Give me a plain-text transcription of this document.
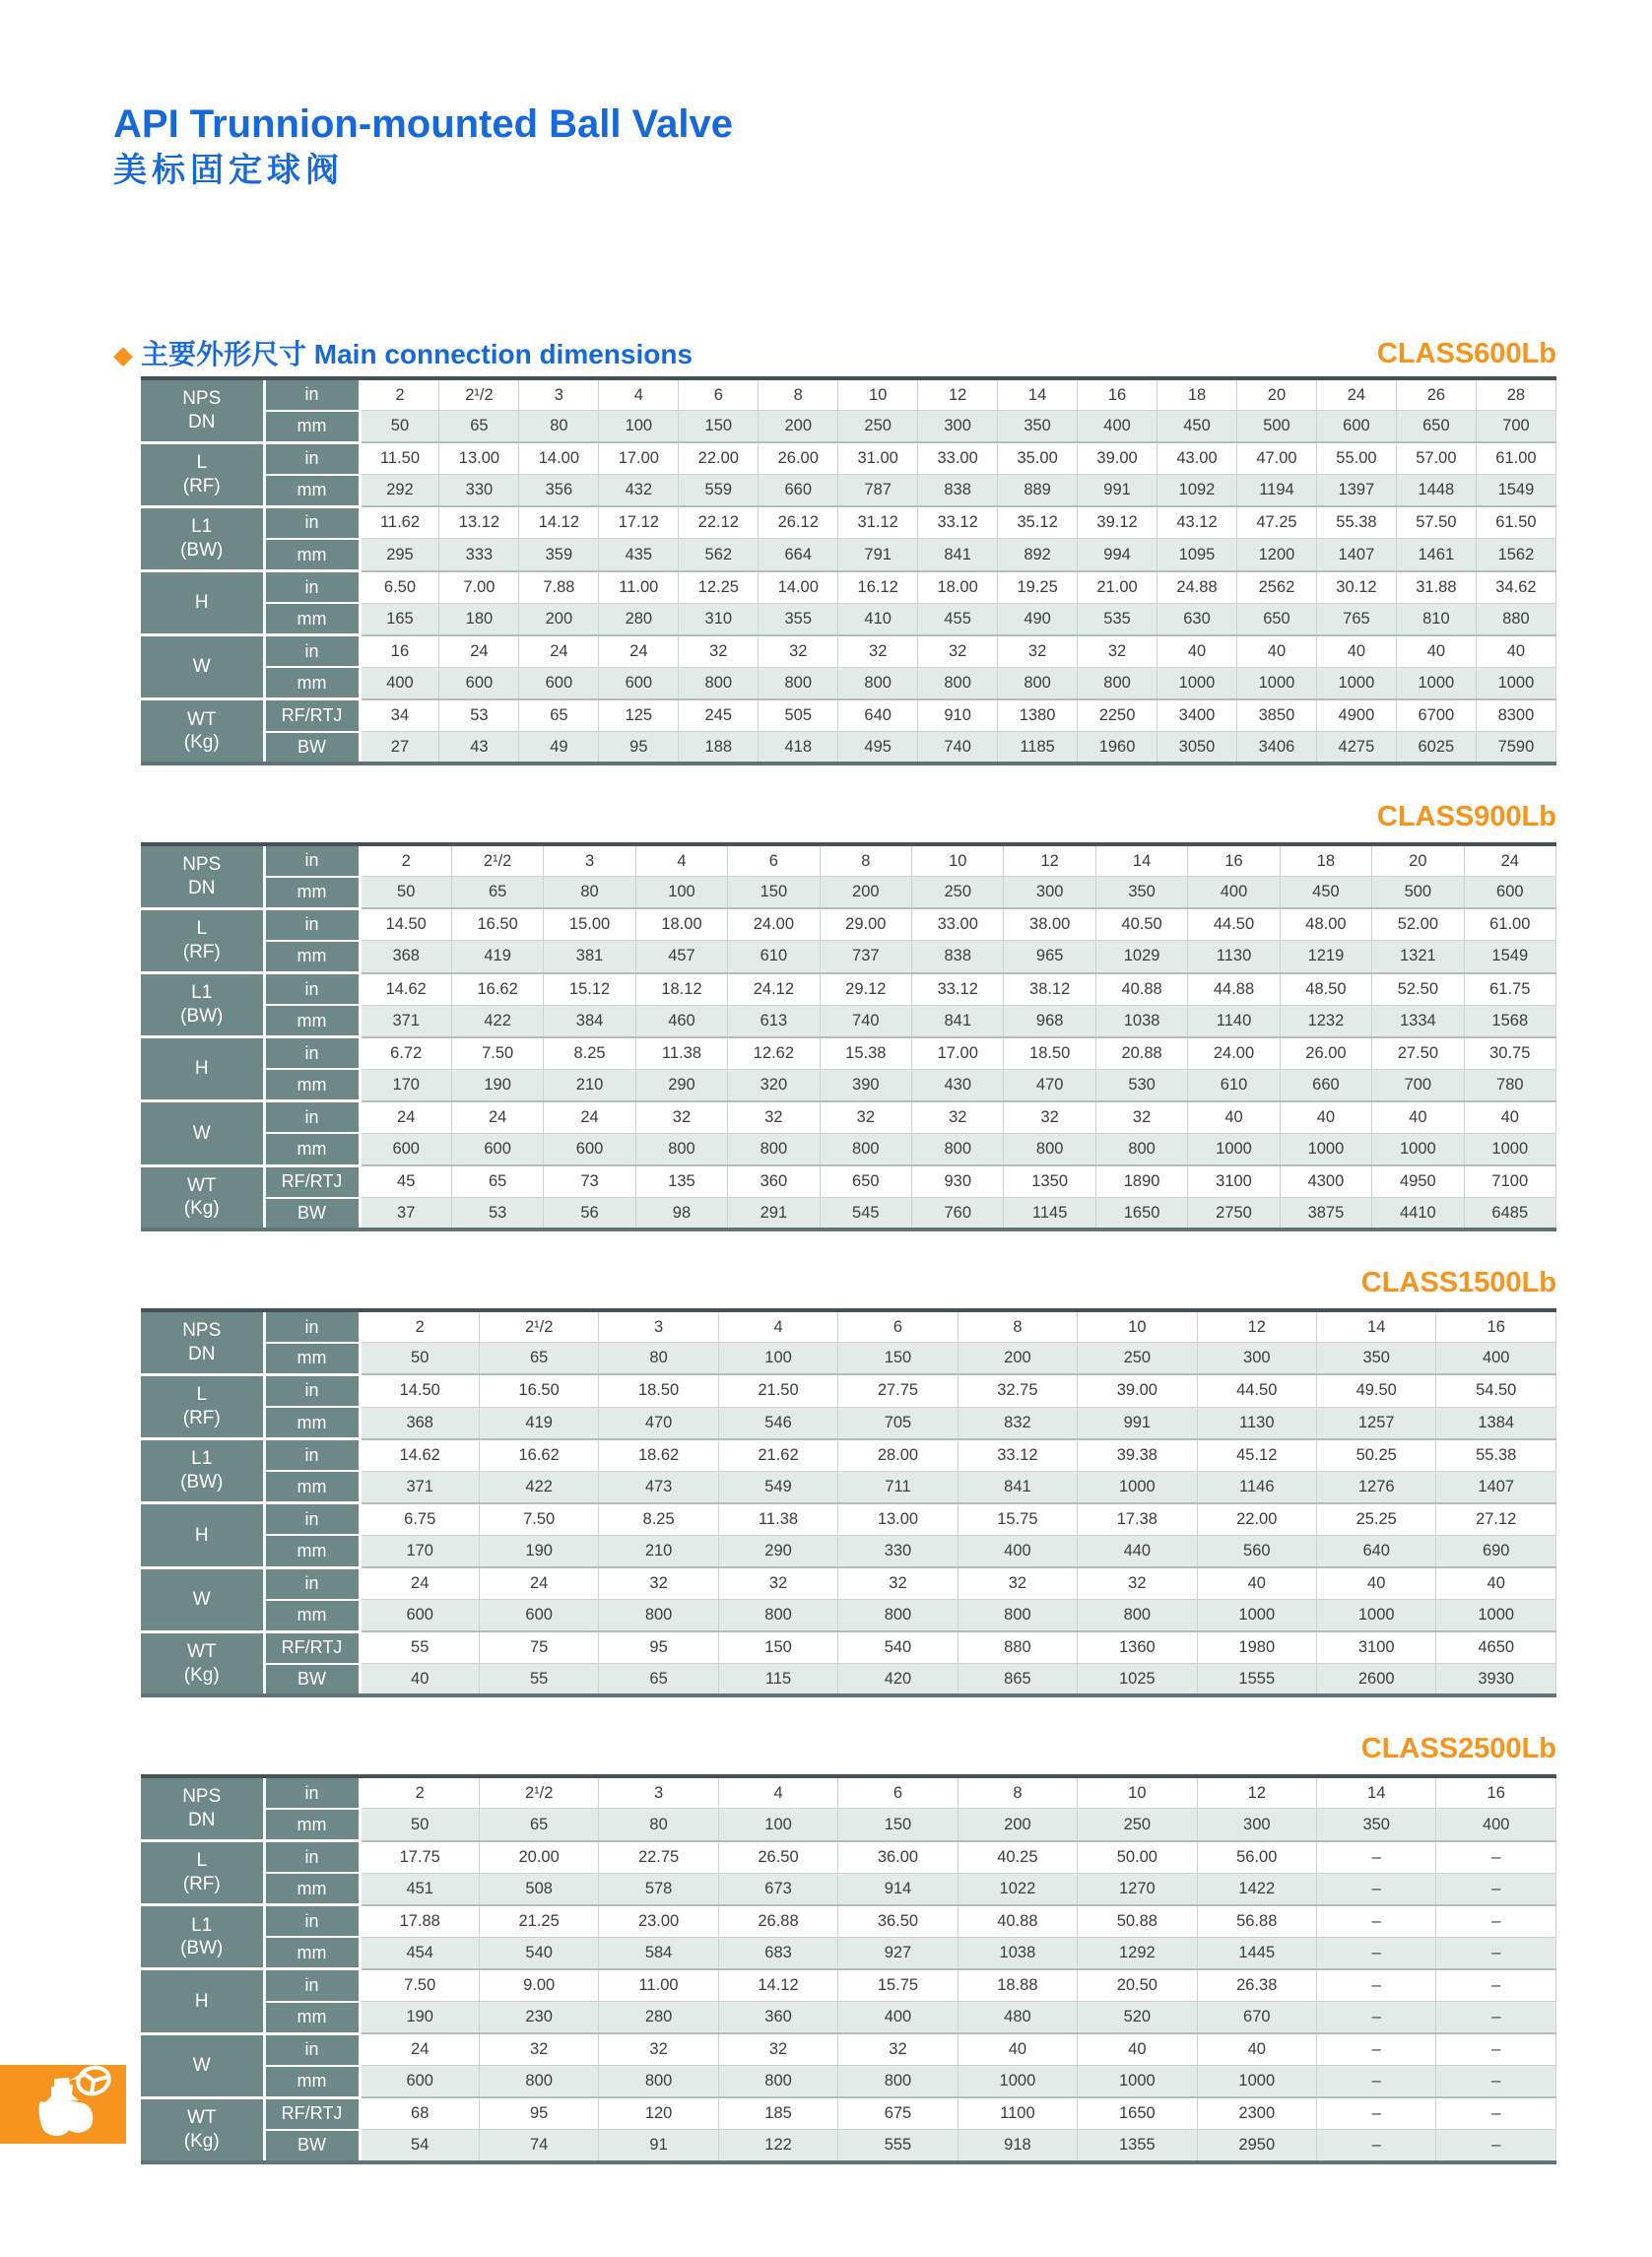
API Trunnion-mounted Ball Valve
美标固定球阀
◆ 主要外形尺寸 Main connection dimensions	CLASS600Lb
NPS
DN	in	2	2¹/2	3	4	6	8	10	12	14	16	18	20	24	26	28
	mm	50	65	80	100	150	200	250	300	350	400	450	500	600	650	700

L
(RF)	in	11.50	13.00	14.00	17.00	22.00	26.00	31.00	33.00	35.00	39.00	43.00	47.00	55.00	57.00	61.00
	mm	292	330	356	432	559	660	787	838	889	991	1092	1194	1397	1448	1549

L1
(BW)	in	11.62	13.12	14.12	17.12	22.12	26.12	31.12	33.12	35.12	39.12	43.12	47.25	55.38	57.50	61.50
	mm	295	333	359	435	562	664	791	841	892	994	1095	1200	1407	1461	1562

H	in	6.50	7.00	7.88	11.00	12.25	14.00	16.12	18.00	19.25	21.00	24.88	2562	30.12	31.88	34.62
	mm	165	180	200	280	310	355	410	455	490	535	630	650	765	810	880

W	in	16	24	24	24	32	32	32	32	32	32	40	40	40	40	40
	mm	400	600	600	600	800	800	800	800	800	800	1000	1000	1000	1000	1000

WT
(Kg)	RF/RTJ	34	53	65	125	245	505	640	910	1380	2250	3400	3850	4900	6700	8300
	BW	27	43	49	95	188	418	495	740	1185	1960	3050	3406	4275	6025	7590
CLASS900Lb
NPS
DN	in	2	2¹/2	3	4	6	8	10	12	14	16	18	20	24
	mm	50	65	80	100	150	200	250	300	350	400	450	500	600

L
(RF)	in	14.50	16.50	15.00	18.00	24.00	29.00	33.00	38.00	40.50	44.50	48.00	52.00	61.00
	mm	368	419	381	457	610	737	838	965	1029	1130	1219	1321	1549

L1
(BW)	in	14.62	16.62	15.12	18.12	24.12	29.12	33.12	38.12	40.88	44.88	48.50	52.50	61.75
	mm	371	422	384	460	613	740	841	968	1038	1140	1232	1334	1568

H	in	6.72	7.50	8.25	11.38	12.62	15.38	17.00	18.50	20.88	24.00	26.00	27.50	30.75
	mm	170	190	210	290	320	390	430	470	530	610	660	700	780

W	in	24	24	24	32	32	32	32	32	32	40	40	40	40
	mm	600	600	600	800	800	800	800	800	800	1000	1000	1000	1000

WT
(Kg)	RF/RTJ	45	65	73	135	360	650	930	1350	1890	3100	4300	4950	7100
	BW	37	53	56	98	291	545	760	1145	1650	2750	3875	4410	6485
CLASS1500Lb
NPS
DN	in	2	2¹/2	3	4	6	8	10	12	14	16
	mm	50	65	80	100	150	200	250	300	350	400

L
(RF)	in	14.50	16.50	18.50	21.50	27.75	32.75	39.00	44.50	49.50	54.50
	mm	368	419	470	546	705	832	991	1130	1257	1384

L1
(BW)	in	14.62	16.62	18.62	21.62	28.00	33.12	39.38	45.12	50.25	55.38
	mm	371	422	473	549	711	841	1000	1146	1276	1407

H	in	6.75	7.50	8.25	11.38	13.00	15.75	17.38	22.00	25.25	27.12
	mm	170	190	210	290	330	400	440	560	640	690

W	in	24	24	32	32	32	32	32	40	40	40
	mm	600	600	800	800	800	800	800	1000	1000	1000

WT
(Kg)	RF/RTJ	55	75	95	150	540	880	1360	1980	3100	4650
	BW	40	55	65	115	420	865	1025	1555	2600	3930
CLASS2500Lb
NPS
DN	in	2	2¹/2	3	4	6	8	10	12	14	16
	mm	50	65	80	100	150	200	250	300	350	400

L
(RF)	in	17.75	20.00	22.75	26.50	36.00	40.25	50.00	56.00	–	–
	mm	451	508	578	673	914	1022	1270	1422	–	–

L1
(BW)	in	17.88	21.25	23.00	26.88	36.50	40.88	50.88	56.88	–	–
	mm	454	540	584	683	927	1038	1292	1445	–	–

H	in	7.50	9.00	11.00	14.12	15.75	18.88	20.50	26.38	–	–
	mm	190	230	280	360	400	480	520	670	–	–

W	in	24	32	32	32	32	40	40	40	–	–
	mm	600	800	800	800	800	1000	1000	1000	–	–

WT
(Kg)	RF/RTJ	68	95	120	185	675	1100	1650	2300	–	–
	BW	54	74	91	122	555	918	1355	2950	–	–
